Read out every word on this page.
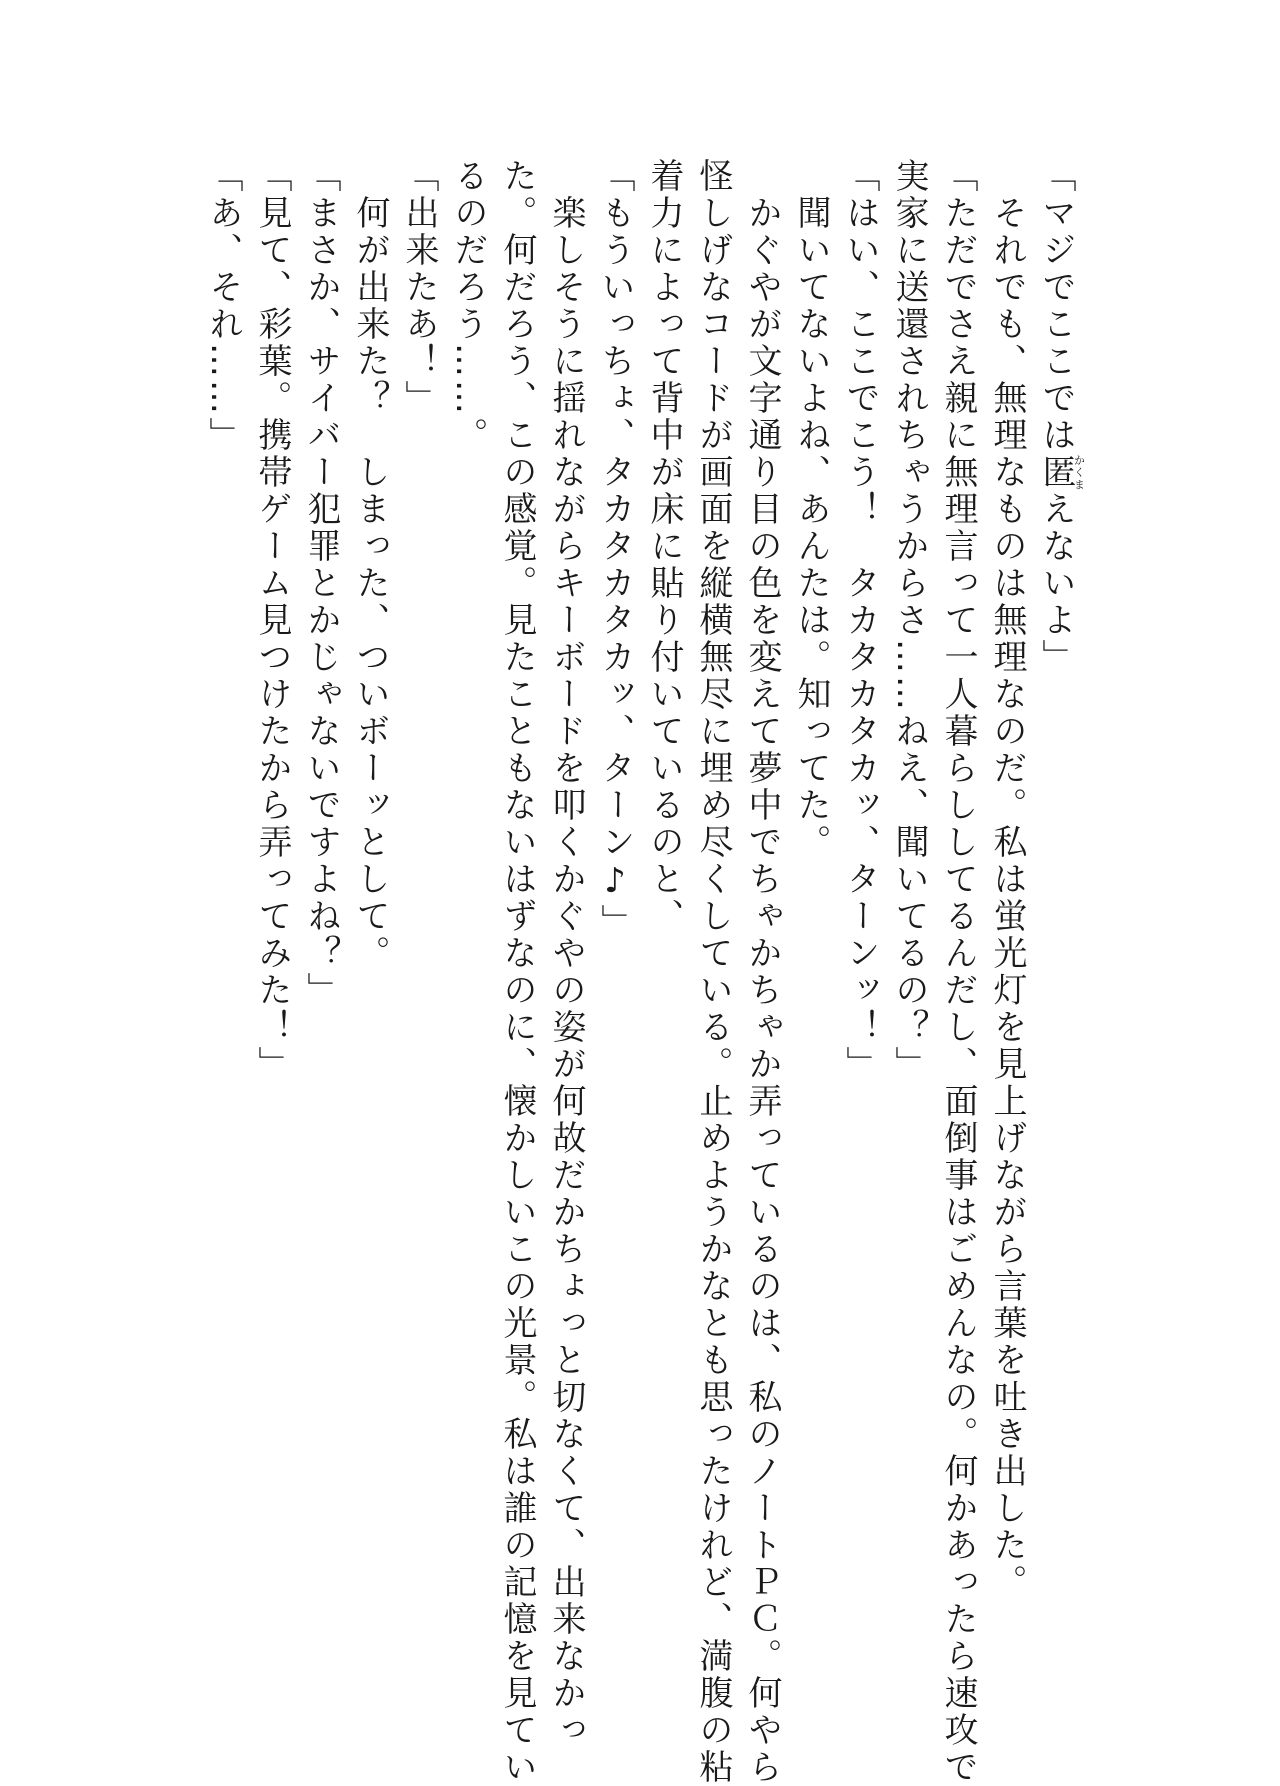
「マジでここでは匿かくまえないよ」
　それでも、無理なものは無理なのだ。私は蛍光灯を見上げながら言葉を吐き出した。
「ただでさえ親に無理言って一人暮らししてるんだし、面倒事はごめんなの。何かあったら速攻で
実家に送還されちゃうからさ……ねえ、聞いてるの？」
「はい、ここでこう！　タカタカタカッ、ターンッ！」
　聞いてないよね、あんたは。知ってた。
　かぐやが文字通り目の色を変えて夢中でちゃかちゃか弄っているのは、私のノートＰＣ。何やら
怪しげなコードが画面を縦横無尽に埋め尽くしている。止めようかなとも思ったけれど、満腹の粘
着力によって背中が床に貼り付いているのと、
「もういっちょ、タカタカタカッ、ターン♪」
　楽しそうに揺れながらキーボードを叩くかぐやの姿が何故だかちょっと切なくて、出来なかっ
た。何だろう、この感覚。見たこともないはずなのに、懐かしいこの光景。私は誰の記憶を見てい
るのだろう……。
「出来たあ！」
　何が出来た？　しまった、ついボーッとして。
「まさか、サイバー犯罪とかじゃないですよね？」
「見て、彩葉。携帯ゲーム見つけたから弄ってみた！」
「あ、それ……」
